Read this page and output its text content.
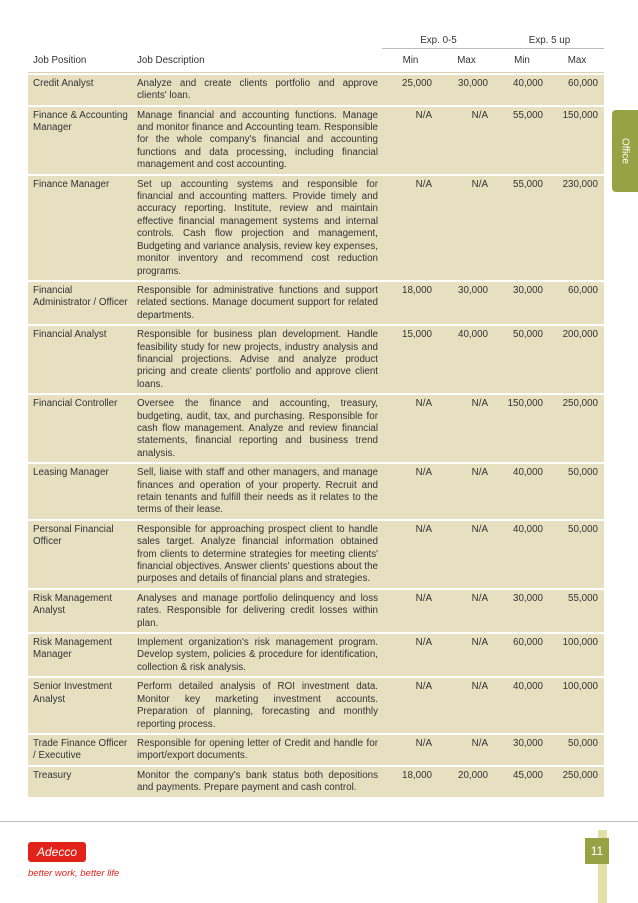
		Exp. 0-5		Exp. 5 up	
Job Position	Job Description	Min	Max	Min	Max
Credit Analyst	Analyze and create clients portfolio and approve clients' loan.	25,000	30,000	40,000	60,000
Finance & Accounting Manager	Manage financial and accounting functions. Manage and monitor finance and Accounting team. Responsible for the whole company's financial and accounting functions and data processing, including financial management and cost accounting.	N/A	N/A	55,000	150,000
Finance Manager	Set up accounting systems and responsible for financial and accounting matters. Provide timely and accuracy reporting. Institute, review and maintain effective financial management systems and internal controls. Cash flow projection and management, Budgeting and variance analysis, review key expenses, monitor inventory and recommend cost reduction programs.	N/A	N/A	55,000	230,000
Financial Administrator / Officer	Responsible for administrative functions and support related sections. Manage document support for related departments.	18,000	30,000	30,000	60,000
Financial Analyst	Responsible for business plan development. Handle feasibility study for new projects, industry analysis and financial projections. Advise and analyze product pricing and create clients' portfolio and approve client loans.	15,000	40,000	50,000	200,000
Financial Controller	Oversee the finance and accounting, treasury, budgeting, audit, tax, and purchasing. Responsible for cash flow management. Analyze and review financial statements, financial reporting and business trend analysis.	N/A	N/A	150,000	250,000
Leasing Manager	Sell, liaise with staff and other managers, and manage finances and operation of your property. Recruit and retain tenants and fulfill their needs as it relates to the terms of their lease.	N/A	N/A	40,000	50,000
Personal Financial Officer	Responsible for approaching prospect client to handle sales target. Analyze financial information obtained from clients to determine strategies for meeting clients' financial objectives. Answer clients' questions about the purposes and details of financial plans and strategies.	N/A	N/A	40,000	50,000
Risk Management Analyst	Analyses and manage portfolio delinquency and loss rates. Responsible for delivering credit losses within plan.	N/A	N/A	30,000	55,000
Risk Management Manager	Implement organization's risk management program. Develop system, policies & procedure for identification, collection & risk analysis.	N/A	N/A	60,000	100,000
Senior Investment Analyst	Perform detailed analysis of ROI investment data. Monitor key marketing investment accounts. Preparation of planning, forecasting and monthly reporting process.	N/A	N/A	40,000	100,000
Trade Finance Officer / Executive	Responsible for opening letter of Credit and handle for import/export documents.	N/A	N/A	30,000	50,000
Treasury	Monitor the company's bank status both depositions and payments. Prepare payment and cash control.	18,000	20,000	45,000	250,000
Office
11
Adecco
better work, better life
